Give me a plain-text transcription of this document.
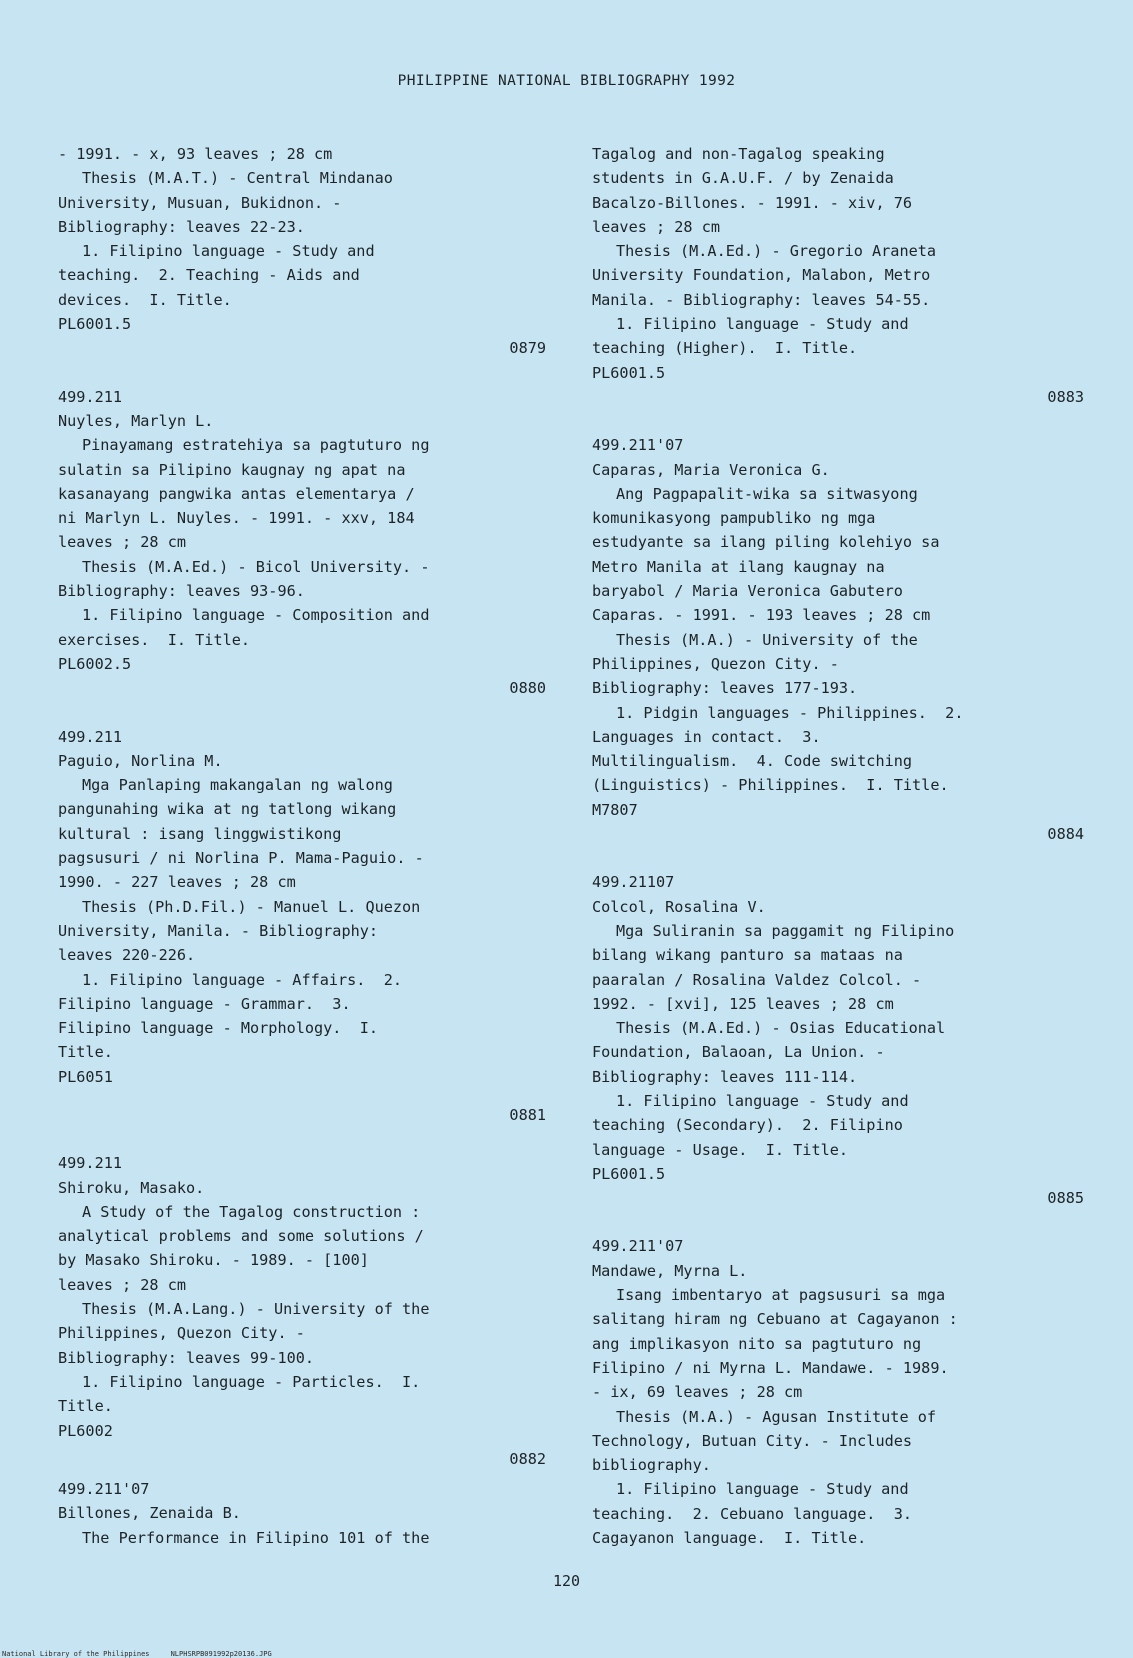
PHILIPPINE NATIONAL BIBLIOGRAPHY 1992
- 1991. - x, 93 leaves ; 28 cm
Thesis (M.A.T.) - Central Mindanao
University, Musuan, Bukidnon. -
Bibliography: leaves 22-23.
1. Filipino language - Study and
teaching.  2. Teaching - Aids and
devices.  I. Title.
PL6001.5
0879
499.211
Nuyles, Marlyn L.
Pinayamang estratehiya sa pagtuturo ng
sulatin sa Pilipino kaugnay ng apat na
kasanayang pangwika antas elementarya /
ni Marlyn L. Nuyles. - 1991. - xxv, 184
leaves ; 28 cm
Thesis (M.A.Ed.) - Bicol University. -
Bibliography: leaves 93-96.
1. Filipino language - Composition and
exercises.  I. Title.
PL6002.5
0880
499.211
Paguio, Norlina M.
Mga Panlaping makangalan ng walong
pangunahing wika at ng tatlong wikang
kultural : isang linggwistikong
pagsusuri / ni Norlina P. Mama-Paguio. -
1990. - 227 leaves ; 28 cm
Thesis (Ph.D.Fil.) - Manuel L. Quezon
University, Manila. - Bibliography:
leaves 220-226.
1. Filipino language - Affairs.  2.
Filipino language - Grammar.  3.
Filipino language - Morphology.  I.
Title.
PL6051
0881
499.211
Shiroku, Masako.
A Study of the Tagalog construction :
analytical problems and some solutions /
by Masako Shiroku. - 1989. - [100]
leaves ; 28 cm
Thesis (M.A.Lang.) - University of the
Philippines, Quezon City. -
Bibliography: leaves 99-100.
1. Filipino language - Particles.  I.
Title.
PL6002
0882
499.211'07
Billones, Zenaida B.
The Performance in Filipino 101 of the
Tagalog and non-Tagalog speaking
students in G.A.U.F. / by Zenaida
Bacalzo-Billones. - 1991. - xiv, 76
leaves ; 28 cm
Thesis (M.A.Ed.) - Gregorio Araneta
University Foundation, Malabon, Metro
Manila. - Bibliography: leaves 54-55.
1. Filipino language - Study and
teaching (Higher).  I. Title.
PL6001.5
0883
499.211'07
Caparas, Maria Veronica G.
Ang Pagpapalit-wika sa sitwasyong
komunikasyong pampubliko ng mga
estudyante sa ilang piling kolehiyo sa
Metro Manila at ilang kaugnay na
baryabol / Maria Veronica Gabutero
Caparas. - 1991. - 193 leaves ; 28 cm
Thesis (M.A.) - University of the
Philippines, Quezon City. -
Bibliography: leaves 177-193.
1. Pidgin languages - Philippines.  2.
Languages in contact.  3.
Multilingualism.  4. Code switching
(Linguistics) - Philippines.  I. Title.
M7807
0884
499.21107
Colcol, Rosalina V.
Mga Suliranin sa paggamit ng Filipino
bilang wikang panturo sa mataas na
paaralan / Rosalina Valdez Colcol. -
1992. - [xvi], 125 leaves ; 28 cm
Thesis (M.A.Ed.) - Osias Educational
Foundation, Balaoan, La Union. -
Bibliography: leaves 111-114.
1. Filipino language - Study and
teaching (Secondary).  2. Filipino
language - Usage.  I. Title.
PL6001.5
0885
499.211'07
Mandawe, Myrna L.
Isang imbentaryo at pagsusuri sa mga
salitang hiram ng Cebuano at Cagayanon :
ang implikasyon nito sa pagtuturo ng
Filipino / ni Myrna L. Mandawe. - 1989.
- ix, 69 leaves ; 28 cm
Thesis (M.A.) - Agusan Institute of
Technology, Butuan City. - Includes
bibliography.
1. Filipino language - Study and
teaching.  2. Cebuano language.  3.
Cagayanon language.  I. Title.
120
National Library of the Philippines	NLPHSRPB091992p20136.JPG
